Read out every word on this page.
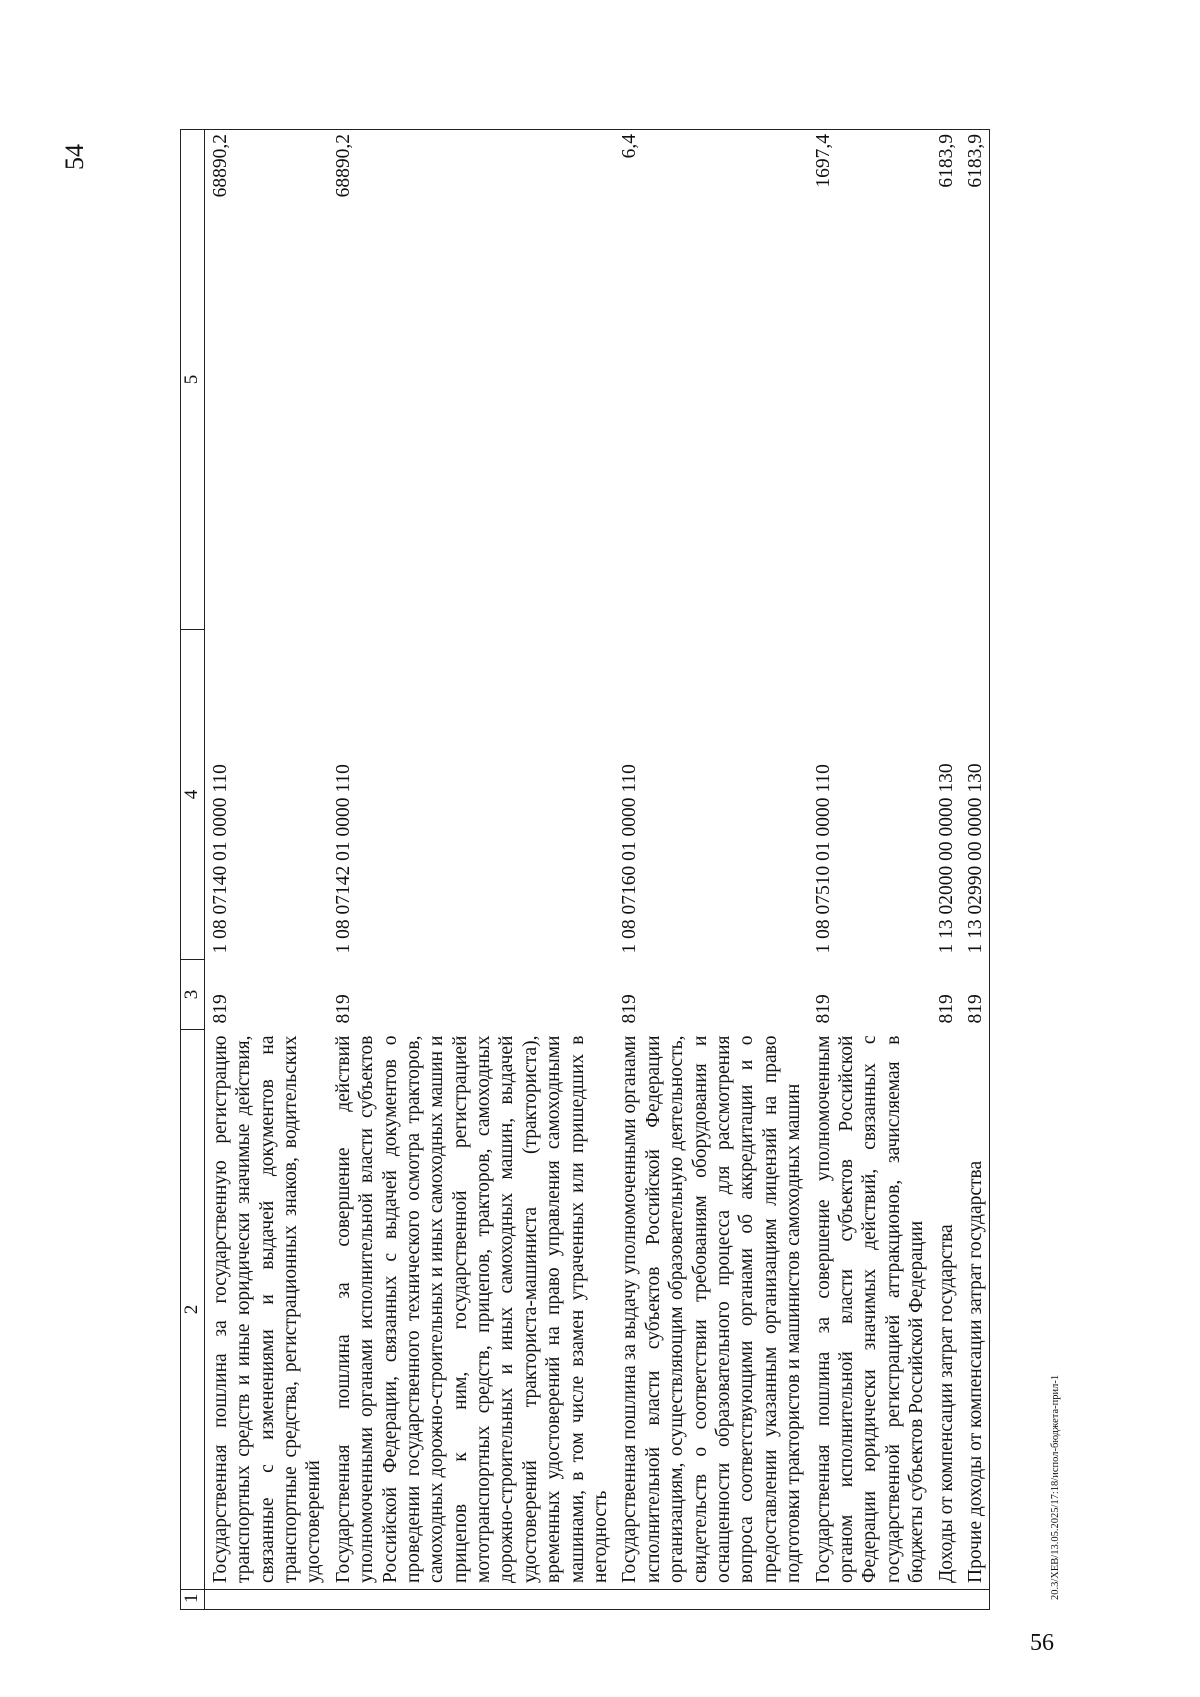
54
1	2	3	4	5
	Государственная пошлина за государственную регистрацию транспортных средств и иные юридически значимые действия, связанные с изменениями и выдачей документов на транспортные средства, регистрационных знаков, водительских удостоверений	819	1 08 07140 01 0000 110	68890,2
	Государственная пошлина за совершение действий уполномоченными органами исполнительной власти субъектов Российской Федерации, связанных с выдачей документов о проведении государственного технического осмотра тракторов, самоходных дорожно-строительных и иных самоходных машин и прицепов к ним, государственной регистрацией мототранспортных средств, прицепов, тракторов, самоходных дорожно-строительных и иных самоходных машин, выдачей удостоверений тракториста-машиниста (тракториста), временных удостоверений на право управления самоходными машинами, в том числе взамен утраченных или пришедших в негодность	819	1 08 07142 01 0000 110	68890,2
	Государственная пошлина за выдачу уполномоченными органами исполнительной власти субъектов Российской Федерации организациям, осуществляющим образовательную деятельность, свидетельств о соответствии требованиям оборудования и оснащенности образовательного процесса для рассмотрения вопроса соответствующими органами об аккредитации и о предоставлении указанным организациям лицензий на право подготовки трактористов и машинистов самоходных машин	819	1 08 07160 01 0000 110	6,4
	Государственная пошлина за совершение уполномоченным органом исполнительной власти субъектов Российской Федерации юридически значимых действий, связанных с государственной регистрацией аттракционов, зачисляемая в бюджеты субъектов Российской Федерации	819	1 08 07510 01 0000 110	1697,4
	Доходы от компенсации затрат государства	819	1 13 02000 00 0000 130	6183,9
	Прочие доходы от компенсации затрат государства	819	1 13 02990 00 0000 130	6183,9
20.3/ХЕВ/13.05.2025/17:18/испол-бюджета-прил-1
56
